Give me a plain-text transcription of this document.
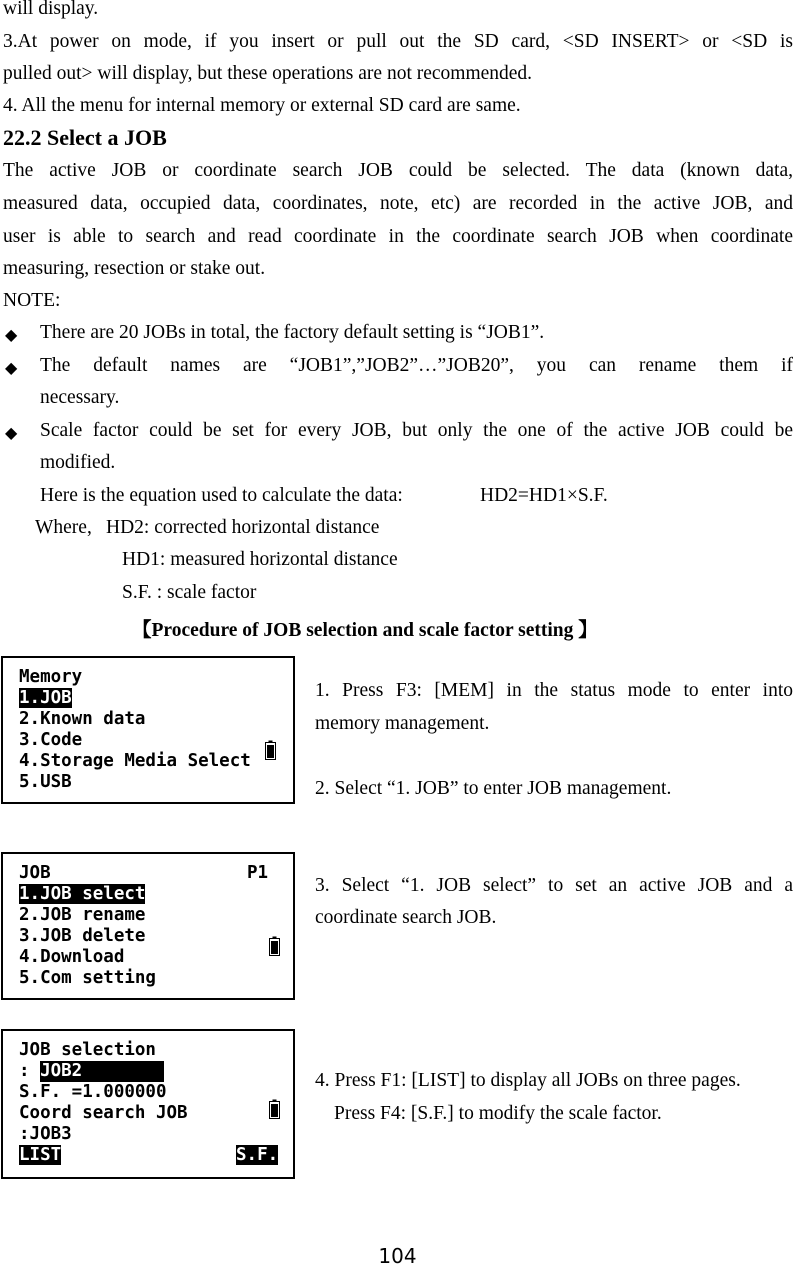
will display.
3.At power on mode, if you insert or pull out the SD card, <SD INSERT> or <SD is
pulled out> will display, but these operations are not recommended.
4. All the menu for internal memory or external SD card are same.
22.2 Select a JOB
The active JOB or coordinate search JOB could be selected. The data (known data,
measured data, occupied data, coordinates, note, etc) are recorded in the active JOB, and
user is able to search and read coordinate in the coordinate search JOB when coordinate
measuring, resection or stake out.
NOTE:
◆ There are 20 JOBs in total, the factory default setting is “JOB1”.
◆ The default names are “JOB1”,”JOB2”…”JOB20”, you can rename them if
necessary.
◆ Scale factor could be set for every JOB, but only the one of the active JOB could be
modified.
Here is the equation used to calculate the data:	HD2=HD1×S.F.
Where, HD2: corrected horizontal distance
HD1: measured horizontal distance
S.F. : scale factor
【Procedure of JOB selection and scale factor setting 】
Memory
1.JOB
2.Known data
3.Code
4.Storage Media Select
5.USB
JOB	P1
1.JOB select
2.JOB rename
3.JOB delete
4.Download
5.Com setting
JOB selection
: JOB2
S.F. =1.000000
Coord search JOB
:JOB3
LIST	S.F.
1. Press F3: [MEM] in the status mode to enter into
memory management.
2. Select “1. JOB” to enter JOB management.
3. Select “1. JOB select” to set an active JOB and a
coordinate search JOB.
4. Press F1: [LIST] to display all JOBs on three pages.
Press F4: [S.F.] to modify the scale factor.
104
